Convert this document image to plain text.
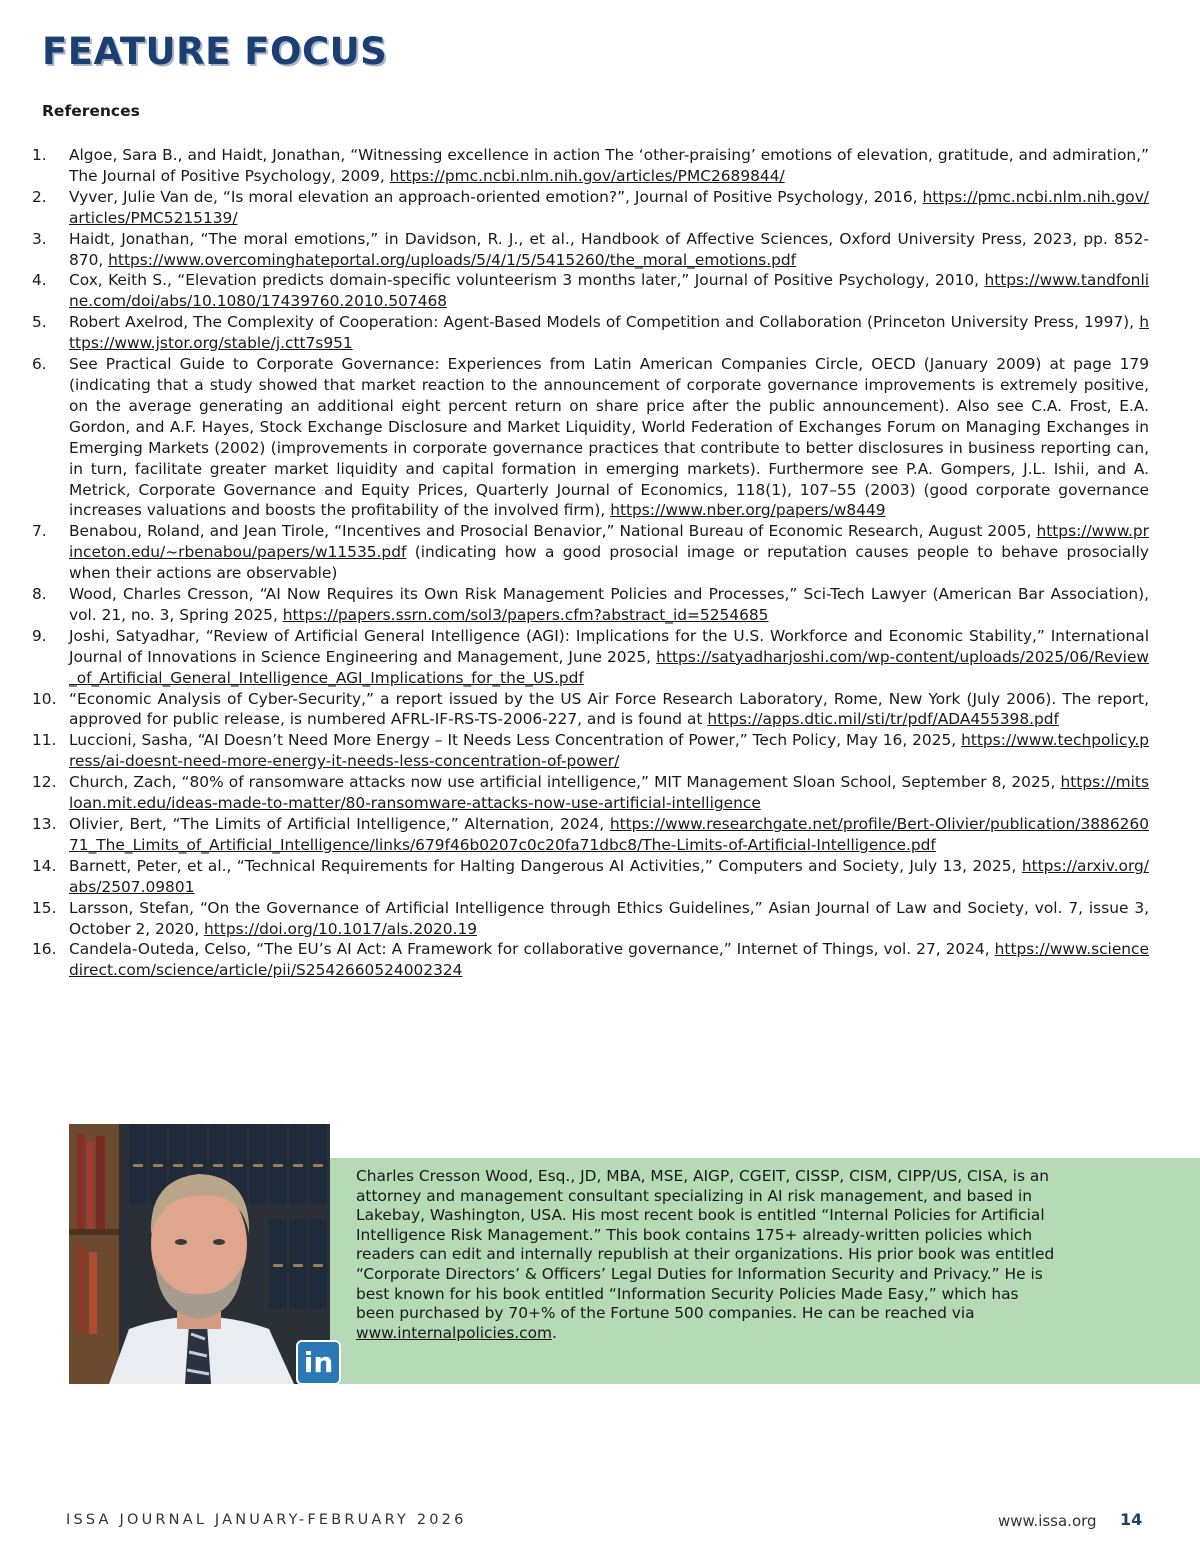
FEATURE FOCUS
References
1.	Algoe, Sara B., and Haidt, Jonathan, “Witnessing excellence in action The ‘other-praising’ emotions of elevation, gratitude, and admiration,” The Journal of Positive Psychology, 2009, https://pmc.ncbi.nlm.nih.gov/articles/PMC2689844/
2.	Vyver, Julie Van de, “Is moral elevation an approach-oriented emotion?”, Journal of Positive Psychology, 2016, https://pmc.ncbi.nlm.nih.gov/articles/PMC5215139/
3.	Haidt, Jonathan, “The moral emotions,” in Davidson, R. J., et al., Handbook of Affective Sciences, Oxford University Press, 2023, pp. 852-870, https://www.overcominghateportal.org/uploads/5/4/1/5/5415260/the_moral_emotions.pdf
4.	Cox, Keith S., “Elevation predicts domain-specific volunteerism 3 months later,” Journal of Positive Psychology, 2010, https://www.tandfonline.com/doi/abs/10.1080/17439760.2010.507468
5.	Robert Axelrod, The Complexity of Cooperation: Agent-Based Models of Competition and Collaboration (Princeton University Press, 1997), https://www.jstor.org/stable/j.ctt7s951
6.	See Practical Guide to Corporate Governance: Experiences from Latin American Companies Circle, OECD (January 2009) at page 179 (indicating that a study showed that market reaction to the announcement of corporate governance improvements is extremely positive, on the average generating an additional eight percent return on share price after the public announcement). Also see C.A. Frost, E.A. Gordon, and A.F. Hayes, Stock Exchange Disclosure and Market Liquidity, World Federation of Exchanges Forum on Managing Exchanges in Emerging Markets (2002) (improvements in corporate governance practices that contribute to better disclosures in business reporting can, in turn, facilitate greater market liquidity and capital formation in emerging markets). Furthermore see P.A. Gompers, J.L. Ishii, and A. Metrick, Corporate Governance and Equity Prices, Quarterly Journal of Economics, 118(1), 107–55 (2003) (good corporate governance increases valuations and boosts the profitability of the involved firm), https://www.nber.org/papers/w8449
7.	Benabou, Roland, and Jean Tirole, “Incentives and Prosocial Benavior,” National Bureau of Economic Research, August 2005, https://www.princeton.edu/~rbenabou/papers/w11535.pdf (indicating how a good prosocial image or reputation causes people to behave prosocially when their actions are observable)
8.	Wood, Charles Cresson, “AI Now Requires its Own Risk Management Policies and Processes,” Sci-Tech Lawyer (American Bar Association), vol. 21, no. 3, Spring 2025, https://papers.ssrn.com/sol3/papers.cfm?abstract_id=5254685
9.	Joshi, Satyadhar, “Review of Artificial General Intelligence (AGI): Implications for the U.S. Workforce and Economic Stability,” International Journal of Innovations in Science Engineering and Management, June 2025, https://satyadharjoshi.com/wp-content/uploads/2025/06/Review_of_Artificial_General_Intelligence_AGI_Implications_for_the_US.pdf
10. “Economic Analysis of Cyber-Security,” a report issued by the US Air Force Research Laboratory, Rome, New York (July 2006). The report, approved for public release, is numbered AFRL-IF-RS-TS-2006-227, and is found at https://apps.dtic.mil/sti/tr/pdf/ADA455398.pdf
11. Luccioni, Sasha, “AI Doesn’t Need More Energy – It Needs Less Concentration of Power,” Tech Policy, May 16, 2025, https://www.techpolicy.press/ai-doesnt-need-more-energy-it-needs-less-concentration-of-power/
12. Church, Zach, “80% of ransomware attacks now use artificial intelligence,” MIT Management Sloan School, September 8, 2025, https://mitsloan.mit.edu/ideas-made-to-matter/80-ransomware-attacks-now-use-artificial-intelligence
13. Olivier, Bert, “The Limits of Artificial Intelligence,” Alternation, 2024, https://www.researchgate.net/profile/Bert-Olivier/publication/388626071_The_Limits_of_Artificial_Intelligence/links/679f46b0207c0c20fa71dbc8/The-Limits-of-Artificial-Intelligence.pdf
14. Barnett, Peter, et al., “Technical Requirements for Halting Dangerous AI Activities,” Computers and Society, July 13, 2025, https://arxiv.org/abs/2507.09801
15. Larsson, Stefan, “On the Governance of Artificial Intelligence through Ethics Guidelines,” Asian Journal of Law and Society, vol. 7, issue 3, October 2, 2020, https://doi.org/10.1017/als.2020.19
16. Candela-Outeda, Celso, “The EU’s AI Act: A Framework for collaborative governance,” Internet of Things, vol. 27, 2024, https://www.sciencedirect.com/science/article/pii/S2542660524002324
in
Charles Cresson Wood, Esq., JD, MBA, MSE, AIGP, CGEIT, CISSP, CISM, CIPP/US, CISA, is an attorney and management consultant specializing in AI risk management, and based in Lakebay, Washington, USA. His most recent book is entitled “Internal Policies for Artificial Intelligence Risk Management.” This book contains 175+ already-written policies which readers can edit and internally republish at their organizations. His prior book was entitled “Corporate Directors’ & Officers’ Legal Duties for Information Security and Privacy.” He is best known for his book entitled “Information Security Policies Made Easy,” which has been purchased by 70+% of the Fortune 500 companies. He can be reached via www.internalpolicies.com.
ISSA JOURNAL JANUARY-FEBRUARY 2026	www.issa.org 14
